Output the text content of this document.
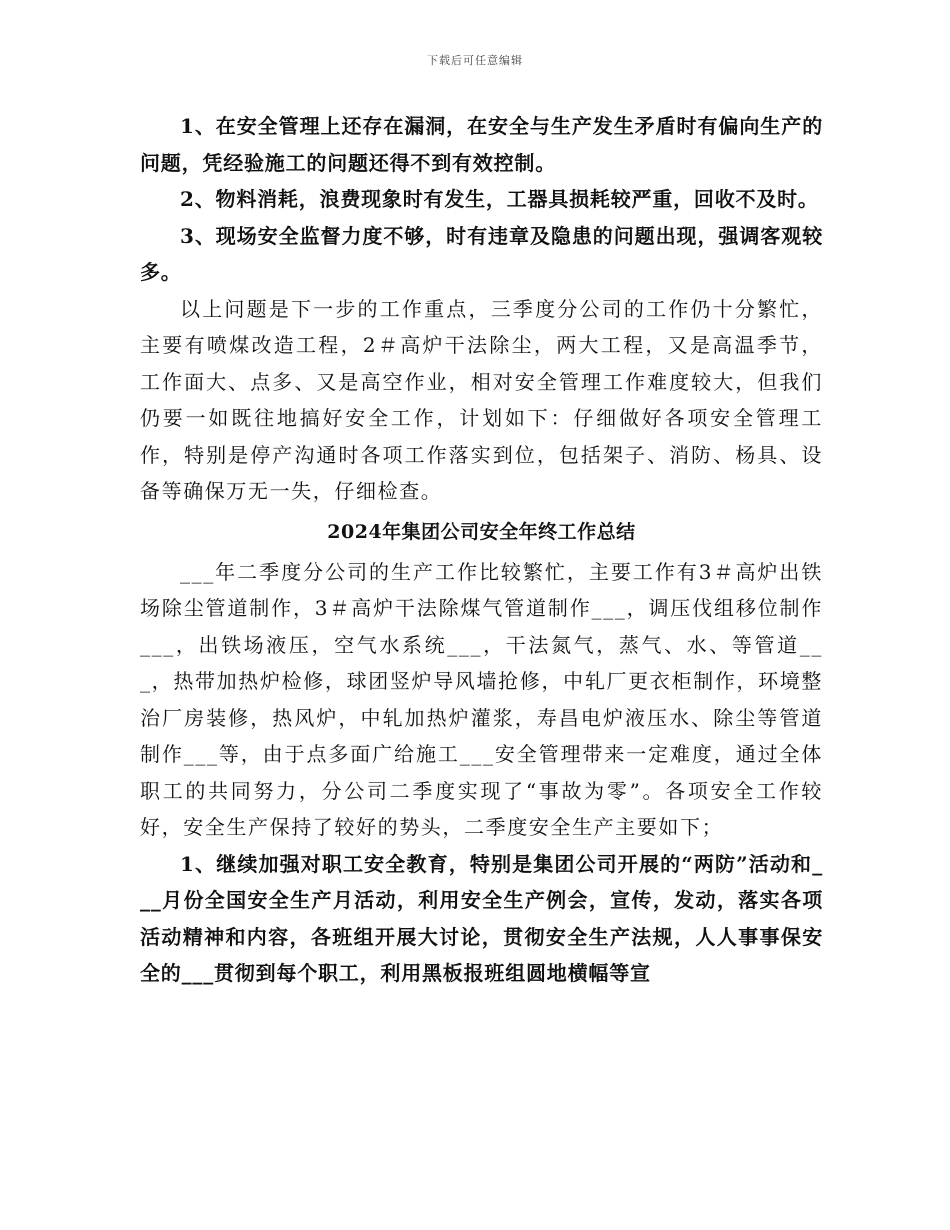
下载后可任意编辑

1、在安全管理上还存在漏洞，在安全与生产发生矛盾时有偏向生产的问题，凭经验施工的问题还得不到有效控制。

2、物料消耗，浪费现象时有发生，工器具损耗较严重，回收不及时。

3、现场安全监督力度不够，时有违章及隐患的问题出现，强调客观较多。

以上问题是下一步的工作重点，三季度分公司的工作仍十分繁忙，主要有喷煤改造工程，2＃高炉干法除尘，两大工程，又是高温季节，工作面大、点多、又是高空作业，相对安全管理工作难度较大，但我们仍要一如既往地搞好安全工作，计划如下：仔细做好各项安全管理工作，特别是停产沟通时各项工作落实到位，包括架子、消防、杨具、设备等确保万无一失，仔细检查。

2024年集团公司安全年终工作总结

___年二季度分公司的生产工作比较繁忙，主要工作有3＃高炉出铁场除尘管道制作，3＃高炉干法除煤气管道制作___，调压伐组移位制作___，出铁场液压，空气水系统___，干法氮气，蒸气、水、等管道___，热带加热炉检修，球团竖炉导风墙抢修，中轧厂更衣柜制作，环境整治厂房装修，热风炉，中轧加热炉灌浆，寿昌电炉液压水、除尘等管道制作___等，由于点多面广给施工___安全管理带来一定难度，通过全体职工的共同努力，分公司二季度实现了“事故为零”。各项安全工作较好，安全生产保持了较好的势头，二季度安全生产主要如下；

1、继续加强对职工安全教育，特别是集团公司开展的“两防”活动和___月份全国安全生产月活动，利用安全生产例会，宣传，发动，落实各项活动精神和内容，各班组开展大讨论，贯彻安全生产法规，人人事事保安全的___贯彻到每个职工，利用黑板报班组圆地横幅等宣
